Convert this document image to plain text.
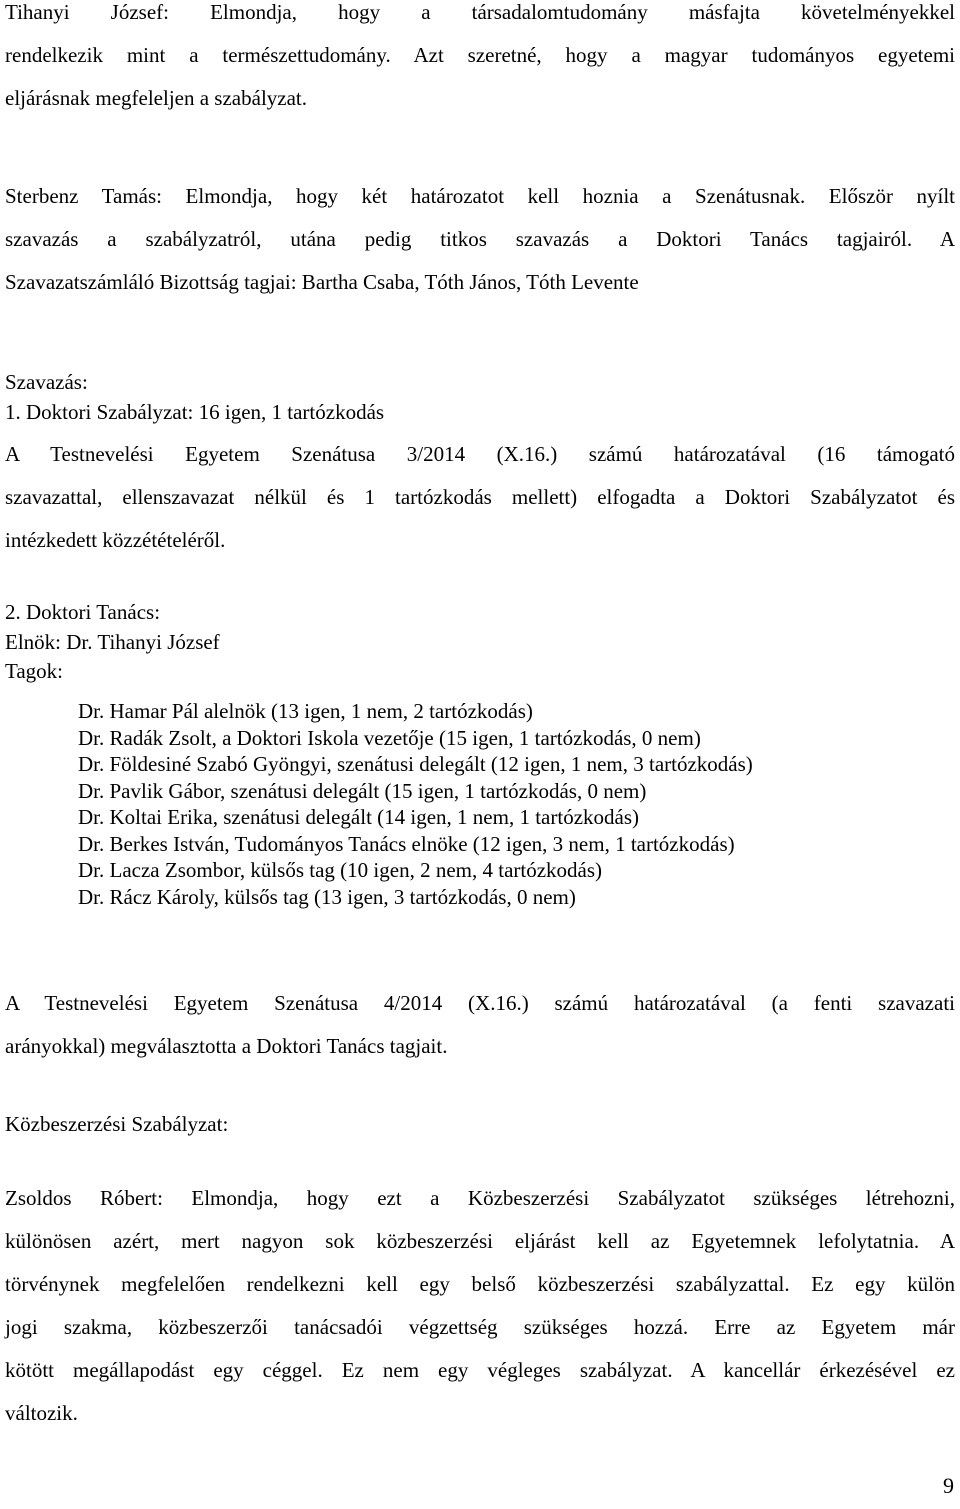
Tihanyi József: Elmondja, hogy a társadalomtudomány másfajta követelményekkel
rendelkezik mint a természettudomány. Azt szeretné, hogy a magyar tudományos egyetemi
eljárásnak megfeleljen a szabályzat.
Sterbenz Tamás: Elmondja, hogy két határozatot kell hoznia a Szenátusnak. Először nyílt
szavazás a szabályzatról, utána pedig titkos szavazás a Doktori Tanács tagjairól. A
Szavazatszámláló Bizottság tagjai: Bartha Csaba, Tóth János, Tóth Levente
Szavazás:
1. Doktori Szabályzat: 16 igen, 1 tartózkodás
A Testnevelési Egyetem Szenátusa 3/2014 (X.16.) számú határozatával (16 támogató
szavazattal, ellenszavazat nélkül és 1 tartózkodás mellett) elfogadta a Doktori Szabályzatot és
intézkedett közzétételéről.
2. Doktori Tanács:
Elnök: Dr. Tihanyi József
Tagok:
Dr. Hamar Pál alelnök (13 igen, 1 nem, 2 tartózkodás)
Dr. Radák Zsolt, a Doktori Iskola vezetője (15 igen, 1 tartózkodás, 0 nem)
Dr. Földesiné Szabó Gyöngyi, szenátusi delegált (12 igen, 1 nem, 3 tartózkodás)
Dr. Pavlik Gábor, szenátusi delegált (15 igen, 1 tartózkodás, 0 nem)
Dr. Koltai Erika, szenátusi delegált (14 igen, 1 nem, 1 tartózkodás)
Dr. Berkes István, Tudományos Tanács elnöke (12 igen, 3 nem, 1 tartózkodás)
Dr. Lacza Zsombor, külsős tag (10 igen, 2 nem, 4 tartózkodás)
Dr. Rácz Károly, külsős tag (13 igen, 3 tartózkodás, 0 nem)
A Testnevelési Egyetem Szenátusa 4/2014 (X.16.) számú határozatával (a fenti szavazati
arányokkal) megválasztotta a Doktori Tanács tagjait.
Közbeszerzési Szabályzat:
Zsoldos Róbert: Elmondja, hogy ezt a Közbeszerzési Szabályzatot szükséges létrehozni,
különösen azért, mert nagyon sok közbeszerzési eljárást kell az Egyetemnek lefolytatnia. A
törvénynek megfelelően rendelkezni kell egy belső közbeszerzési szabályzattal. Ez egy külön
jogi szakma, közbeszerzői tanácsadói végzettség szükséges hozzá. Erre az Egyetem már
kötött megállapodást egy céggel. Ez nem egy végleges szabályzat. A kancellár érkezésével ez
változik.
9
